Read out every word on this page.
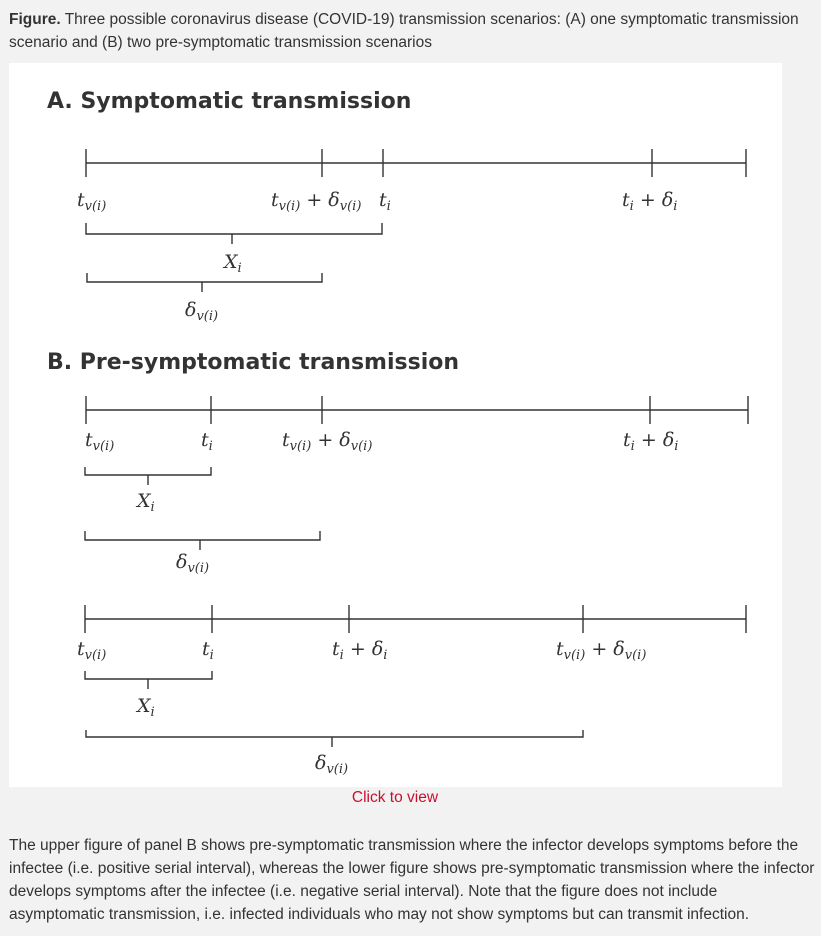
Figure. Three possible coronavirus disease (COVID-19) transmission scenarios: (A) one symptomatic transmission scenario and (B) two pre-symptomatic transmission scenarios
A. Symptomatic transmission
$t_{v(i)}$	$t_{v(i)} + \delta_{v(i)}$ $t_i$	$t_i + \delta_i$
$X_i$
$\delta_{v(i)}$
B. Pre-symptomatic transmission
$t_{v(i)}$	$t_i$	$t_{v(i)} + \delta_{v(i)}$	$t_i + \delta_i$
$X_i$
$\delta_{v(i)}$
$t_{v(i)}$	$t_i$	$t_i + \delta_i$	$t_{v(i)} + \delta_{v(i)}$
$X_i$
$\delta_{v(i)}$
Click to view
The upper figure of panel B shows pre-symptomatic transmission where the infector develops symptoms before the infectee (i.e. positive serial interval), whereas the lower figure shows pre-symptomatic transmission where the infector develops symptoms after the infectee (i.e. negative serial interval). Note that the figure does not include asymptomatic transmission, i.e. infected individuals who may not show symptoms but can transmit infection.
